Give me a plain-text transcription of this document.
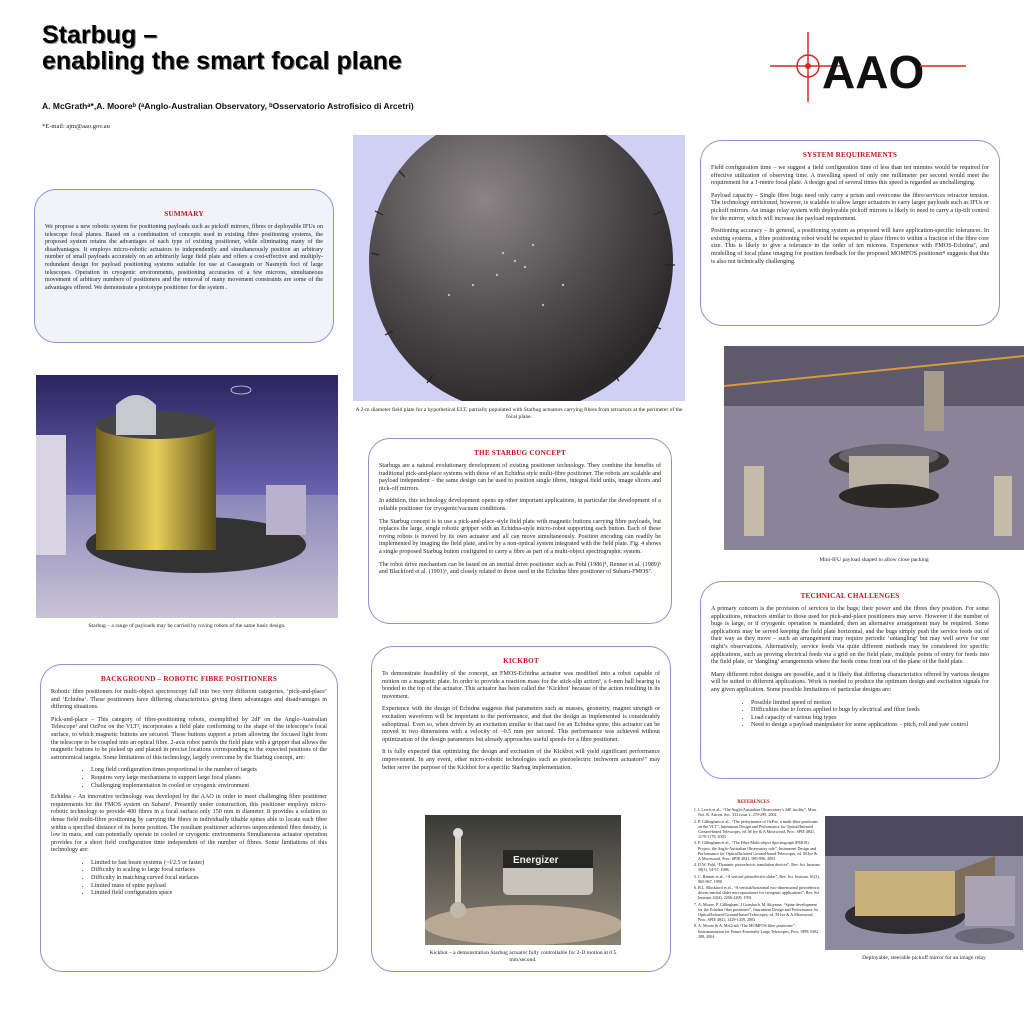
Starbug –
enabling the smart focal plane
A. McGrathᵃ*,A. Mooreᵇ (ᵃAnglo-Australian Observatory, ᵇOsservatorio Astrofisico di Arcetri)
*E-mail: ajm@aao.gov.au
AAO
SUMMARY

We propose a new robotic system for positioning payloads such as pickoff mirrors, fibres or deployable IFUs on telescope focal planes. Based on a combination of concepts used in existing fibre positioning systems, the proposed system retains the advantages of each type of existing positioner, while eliminating many of the disadvantages. It employs micro-robotic actuators to independently and simultaneously position an arbitrary number of small payloads accurately on an arbitrarily large field plate and offers a cost-effective and multiply-redundant design for payload positioning systems suitable for use at Cassegrain or Nasmyth foci of large telescopes. Operation in cryogenic environments, positioning accuracies of a few microns, simultaneous movement of arbitrary numbers of positioners and the removal of many movement constraints are some of the advantages offered. We demonstrate a prototype positioner for the system .

A 2-m diameter field plate for a hypothetical ELT, partially populated with Starbug actuators carrying fibres from retractors at the perimeter of the focal plane.
SYSTEM REQUIREMENTS

Field configuration time – we suggest a field configuration time of less than ten minutes would be required for effective utilization of observing time. A travelling speed of only one millimeter per second would meet the requirement for a 1-metre focal plate. A design goal of several times this speed is regarded as unchallenging.

Payload capacity – Single fibre bugs need only carry a prism and overcome the fibre/services retractor tension. The technology envisioned, however, is scalable to allow larger actuators to carry larger payloads such as IFUs or pickoff mirrors. An image relay system with deployable pickoff mirrors is likely to need to carry a tip-tilt control for the mirror, which will increase the payload requirement.

Positioning accuracy – In general, a positioning system as proposed will have application-specific tolerances. In existing systems, a fibre positioning robot would be expected to place fibres to within a fraction of the fibre core size. This is likely to give a tolerance in the order of ten microns. Experience with FMOS-Echidna⁷, and modelling of focal plane imaging for position feedback for the proposed MOMFOS positioner⁸ suggests that this is also not technically challenging.

Starbug – a range of payloads may be carried by roving robots of the same basic design.
THE STARBUG CONCEPT

Starbugs are a natural evolutionary development of existing positioner technology. They combine the benefits of traditional pick-and-place systems with those of an Echidna style multi-fibre positioner. The robots are scalable and payload independent – the same design can be used to position single fibres, integral field units, image slicers and pick-off mirrors.

In addition, this technology development opens up other important applications, in particular the development of a reliable positioner for cryogenic/vacuum conditions.

The Starbug concept is to use a pick-and-place-style field plate with magnetic buttons carrying fibre payloads, but replaces the large, single robotic gripper with an Echidna-style micro-robot supporting each button. Each of these roving robots is moved by its own actuator and all can move simultaneously. Position encoding can readily be implemented by imaging the field plate, and/or by a non-optical system integrated with the field plate. Fig. 4 shows a single proposed Starbug button configured to carry a fibre as part of a multi-object spectrographic system.

The robot drive mechanism can be based on an inertial drive positioner such as Pohl (1986)⁴, Renner et al. (1989)⁵ and Blackford et al. (1991)⁶, and closely related to those used in the Echidna fibre positioner of Subaru-FMOS⁷.

Mini-IFU payload shaped to allow close packing
TECHNICAL CHALLENGES

A primary concern is the provision of services to the bugs; their power and the fibres they position. For some applications, retractors similar to those used for pick-and-place positioners may serve. However if the number of bugs is large, or if cryogenic operation is mandated, then an alternative arrangement may be required. Some applications may be served keeping the field plate horizontal, and the bugs simply push the service feeds out of their way as they move – such an arrangement may require periodic ‘untangling’ but may well serve for one night’s observations. Alternatively, service feeds via quite different methods may be considered for specific applications, such as proving electrical feeds via a grid on the field plate, multiple points of entry for feeds into the field plate, or ‘dangling’ arrangements where the feeds come from out of the plane of the field plate.

Many different robot designs are possible, and it is likely that differing characteristics offered by various designs will be suited to different applications. Work is needed to produce the optimum design and excitation signals for any given application. Some possible limitations of particular designs are:

• Possible limited speed of motion
• Difficulties due to forces applied to bugs by electrical and fibre feeds
• Load capacity of various bug types
• Need to design a payload manipulator for some applications – pitch, roll and yaw control
BACKGROUND – ROBOTIC FIBRE POSITIONERS

Robotic fibre positioners for multi-object spectroscopy fall into two very different categories, ‘pick-and-place’ and ‘Echidna’. These positioners have differing characteristics giving them advantages and disadvantages in differing situations.

Pick-and-place – This category of fibre-positioning robots, exemplified by 2dF on the Anglo-Australian Telescope¹ and OzPoz on the VLT², incorporates a field plate conforming to the shape of the telescope’s focal surface, to which magnetic buttons are secured. These buttons support a prism allowing the focused light from the telescope to be coupled into an optical fibre. 2-axis robot patrols the field plate with a gripper that allows the magnetic buttons to be picked up and placed in precise locations corresponding to the expected positions of the astronomical targets. Some limitations of this technology, largely overcome by the Starbug concept, are:

• Long field configuration times proportional to the number of targets
• Requires very large mechanisms to support large focal planes
• Challenging implementation in cooled or cryogenic environment

Echidna – An innovative technology was developed by the AAO in order to meet challenging fibre positioner requirements for the FMOS system on Subaru³. Presently under construction, this positioner employs micro-robotic technology to provide 400 fibres in a focal surface only 150 mm in diameter. It provides a solution to dense field multi-fibre positioning by carrying the fibres in individually tiltable spines able to locate each fibre within a specified distance of its home position. The resultant positioner achieves unprecedented fibre density, is low in mass, and can potentially operate in cooled or cryogenic environments Simultaneous actuator operation provides for a short field configuration time independent of the number of fibres. Some limitations of this technology are:

• Limited to fast beam systems (~f/2.5 or faster)
• Difficulty in scaling to large focal surfaces
• Difficulty in matching curved focal surfaces
• Limited mass of spine payload
• Limited field configuration space
KICKBOT

To demonstrate feasibility of the concept, an FMOS-Echidna actuator was modified into a robot capable of motion on a magnetic plate. In order to provide a reaction mass for the stick-slip action³, a 6-mm ball bearing is bonded to the top of the actuator. This actuator has been called the ‘Kickbot’ because of the action resulting in its movement.

Experience with the design of Echidna suggests that parameters such as masses, geometry, magnet strength or excitation waveform will be important to the performance, and that the design as implemented is considerably suboptimal. Even so, when driven by an excitation similar to that used for an Echidna spine, this actuator can be moved in two dimensions with a velocity of ~0.5 mm per second. This performance was achieved without optimization of the design parameters but already approaches useful speeds for a fibre positioner.

It is fully expected that optimizing the design and excitation of the Kickbot will yield significant performance improvement. In any event, other micro-robotic technologies such as piezoelectric inchworm actuators¹⁷ may better serve the purpose of the Kickbot for a specific Starbug implementation.

Energizer
Kickbot – a demonstration Starbug actuator fully controllable for 2-D motion at 0.5 mm/second.
REFERENCES
1. I. Lewis et al., “The Anglo-Australian Observatory’s 2dF facility”, Mon. Not. R. Astron. Soc. 333 issue 2, 279-299, 2002.
2. P. Gillingham et al., “The performance of OzPoz, a multi-fiber positioner on the VLT”, Instrument Design and Performance for Optical/Infrared Ground-based Telescopes, ed. M Iye & A Moorwood, Proc. SPIE 4841, 1170-1179, 2003
3. P. Gillingham et al., “The Fibre Multi-object Spectrograph (FMOS) Project: the Anglo-Australian Observatory role”, Instrument Design and Performance for Optical/Infrared Ground-based Telescopes, ed. M.Iye & A.Moorwood, Proc. SPIE 4841, 985-996, 2003
4. D.W. Pohl, “Dynamic piezoelectric translation devices”, Rev. Sci. Instrum. 58(1), 54-57, 1986
5. C. Renner et al., “A vertical piezoelectric slider”, Rev. Sci. Instrum. 61(3), 965-967, 1990
6. B.L. Blackford et al., “A vertical/horizontal two-dimensional piezoelectric driven inertial slider micropositioner for cryogenic applications”, Rev. Sci. Instrum. 63(4), 2206-2209, 1991
7. A. Moore, P. Gillingham, J.Griesbach, M.Akiyama, “Spine development for the Echidna fiber positioner”, Instrument Design and Performance for Optical/Infrared Ground-based Telescopes, ed. M.Iye & A.Moorwood, Proc. SPIE 4841, 1429-1439, 2003
8. A. Moore & A. McGrath “The MOMFOS fiber positioner”, Instrumentation for Future Extremely Large Telescopes, Proc. SPIE 5492 208, 2004
Deployable, steerable pickoff mirror for an image relay
